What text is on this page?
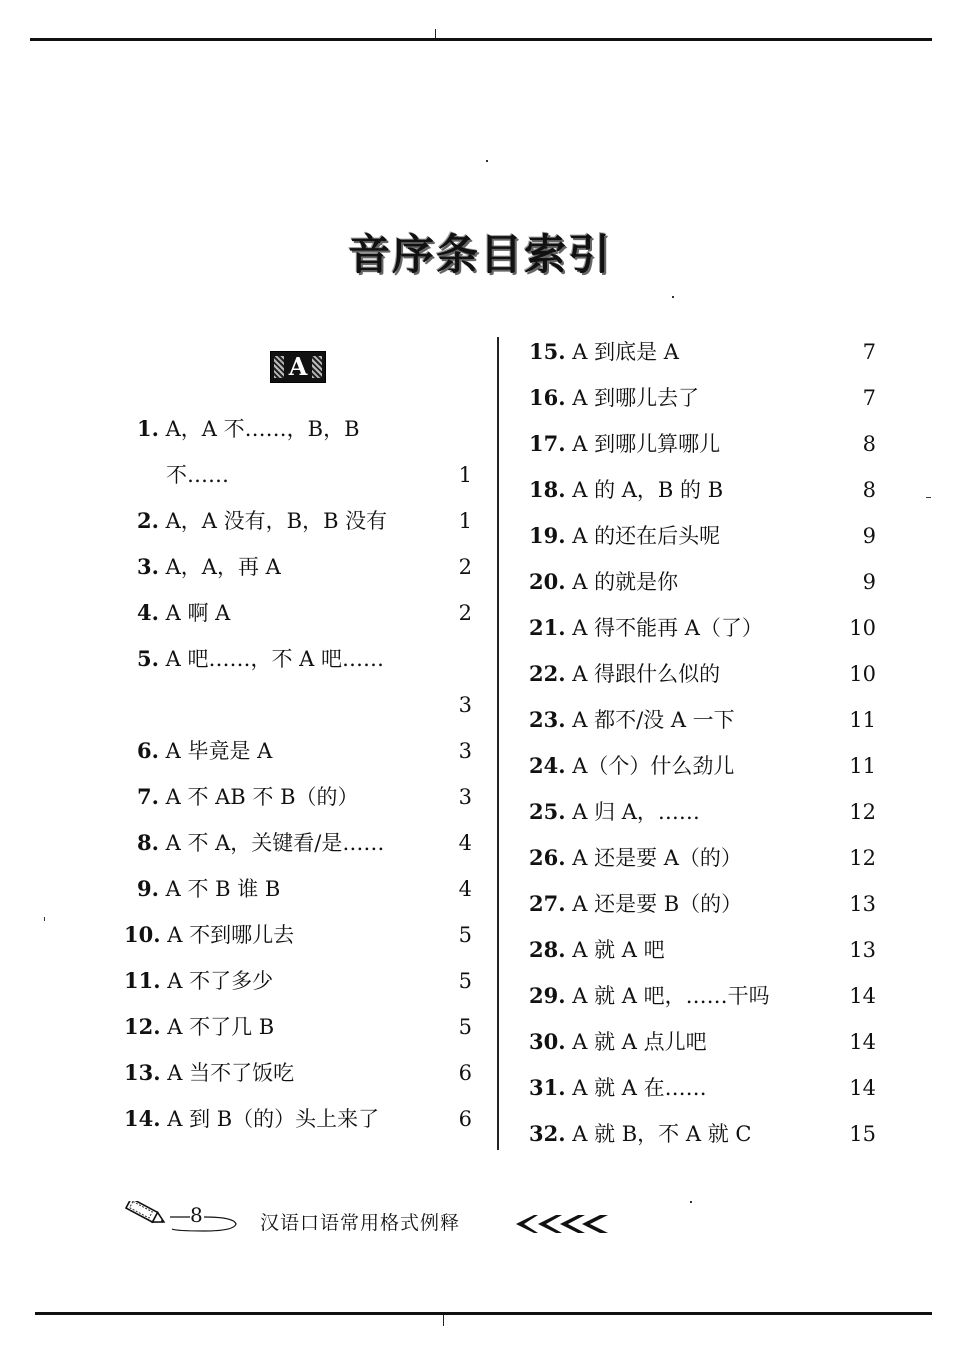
音序条目索引
A
1. A，A 不……，B，B
不……	1
2. A，A 没有，B，B 没有	1
3. A，A，再 A	2
4. A 啊 A	2
5. A 吧……，不 A 吧……
3
6. A 毕竟是 A	3
7. A 不 AB 不 B（的）	3
8. A 不 A，关键看/是……	4
9. A 不 B 谁 B	4
10. A 不到哪儿去	5
11. A 不了多少	5
12. A 不了几 B	5
13. A 当不了饭吃	6
14. A 到 B（的）头上来了	6
15. A 到底是 A	7
16. A 到哪儿去了	7
17. A 到哪儿算哪儿	8
18. A 的 A，B 的 B	8
19. A 的还在后头呢	9
20. A 的就是你	9
21. A 得不能再 A（了）	10
22. A 得跟什么似的	10
23. A 都不/没 A 一下	11
24. A（个）什么劲儿	11
25. A 归 A，……	12
26. A 还是要 A（的）	12
27. A 还是要 B（的）	13
28. A 就 A 吧	13
29. A 就 A 吧，……干吗	14
30. A 就 A 点儿吧	14
31. A 就 A 在……	14
32. A 就 B，不 A 就 C	15
8	汉语口语常用格式例释
